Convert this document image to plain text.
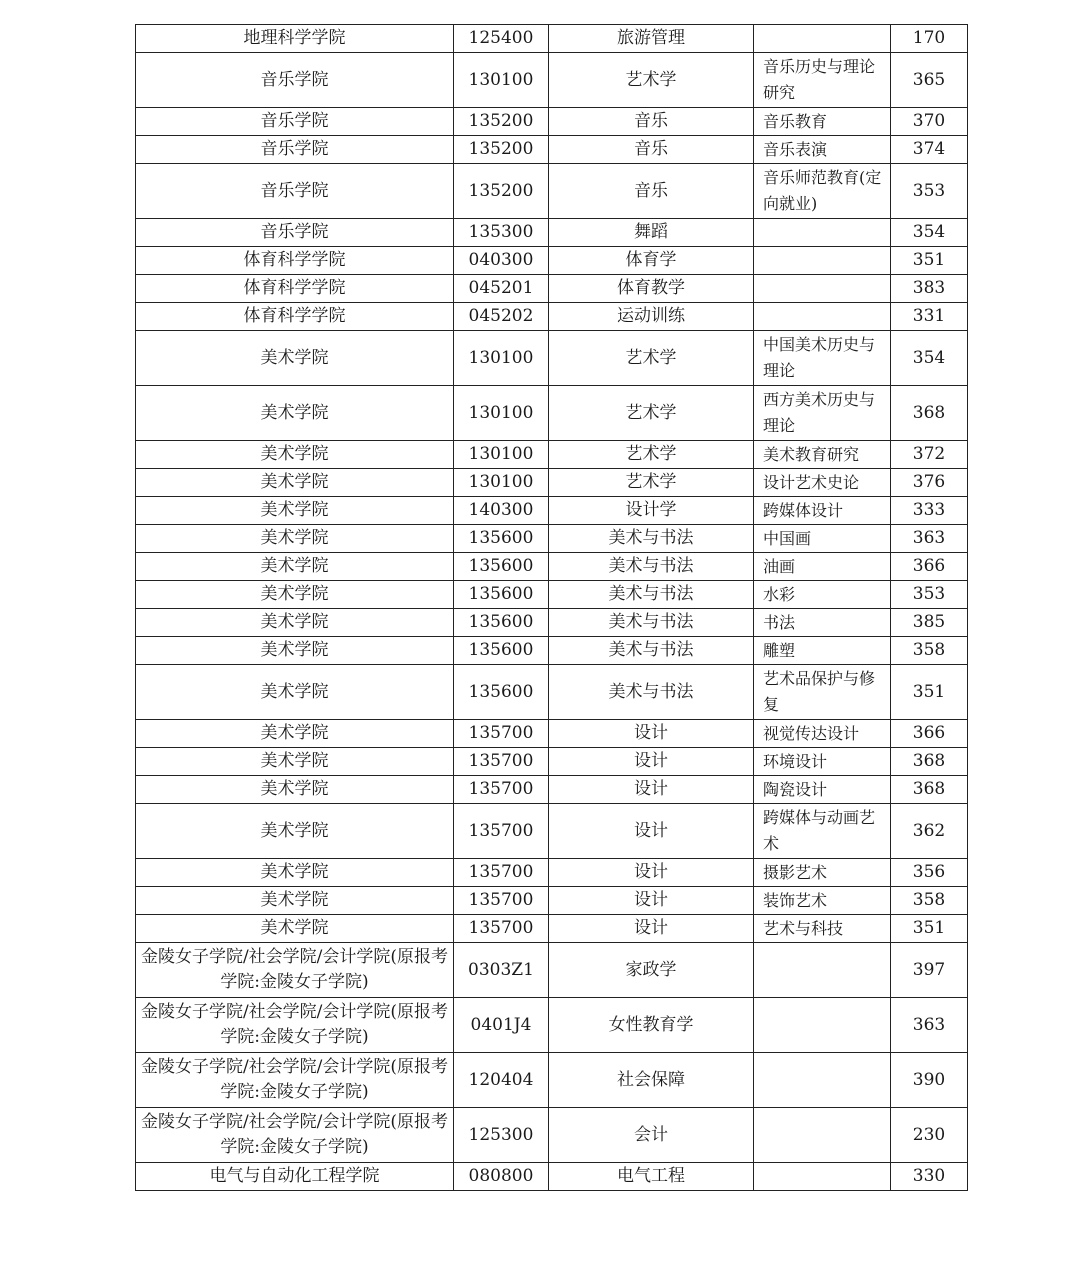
地理科学学院	125400	旅游管理		170
音乐学院	130100	艺术学	音乐历史与理论研究	365
音乐学院	135200	音乐	音乐教育	370
音乐学院	135200	音乐	音乐表演	374
音乐学院	135200	音乐	音乐师范教育(定向就业)	353
音乐学院	135300	舞蹈		354
体育科学学院	040300	体育学		351
体育科学学院	045201	体育教学		383
体育科学学院	045202	运动训练		331
美术学院	130100	艺术学	中国美术历史与理论	354
美术学院	130100	艺术学	西方美术历史与理论	368
美术学院	130100	艺术学	美术教育研究	372
美术学院	130100	艺术学	设计艺术史论	376
美术学院	140300	设计学	跨媒体设计	333
美术学院	135600	美术与书法	中国画	363
美术学院	135600	美术与书法	油画	366
美术学院	135600	美术与书法	水彩	353
美术学院	135600	美术与书法	书法	385
美术学院	135600	美术与书法	雕塑	358
美术学院	135600	美术与书法	艺术品保护与修复	351
美术学院	135700	设计	视觉传达设计	366
美术学院	135700	设计	环境设计	368
美术学院	135700	设计	陶瓷设计	368
美术学院	135700	设计	跨媒体与动画艺术	362
美术学院	135700	设计	摄影艺术	356
美术学院	135700	设计	装饰艺术	358
美术学院	135700	设计	艺术与科技	351
金陵女子学院/社会学院/会计学院(原报考学院:金陵女子学院)	0303Z1	家政学		397
金陵女子学院/社会学院/会计学院(原报考学院:金陵女子学院)	0401J4	女性教育学		363
金陵女子学院/社会学院/会计学院(原报考学院:金陵女子学院)	120404	社会保障		390
金陵女子学院/社会学院/会计学院(原报考学院:金陵女子学院)	125300	会计		230
电气与自动化工程学院	080800	电气工程		330
